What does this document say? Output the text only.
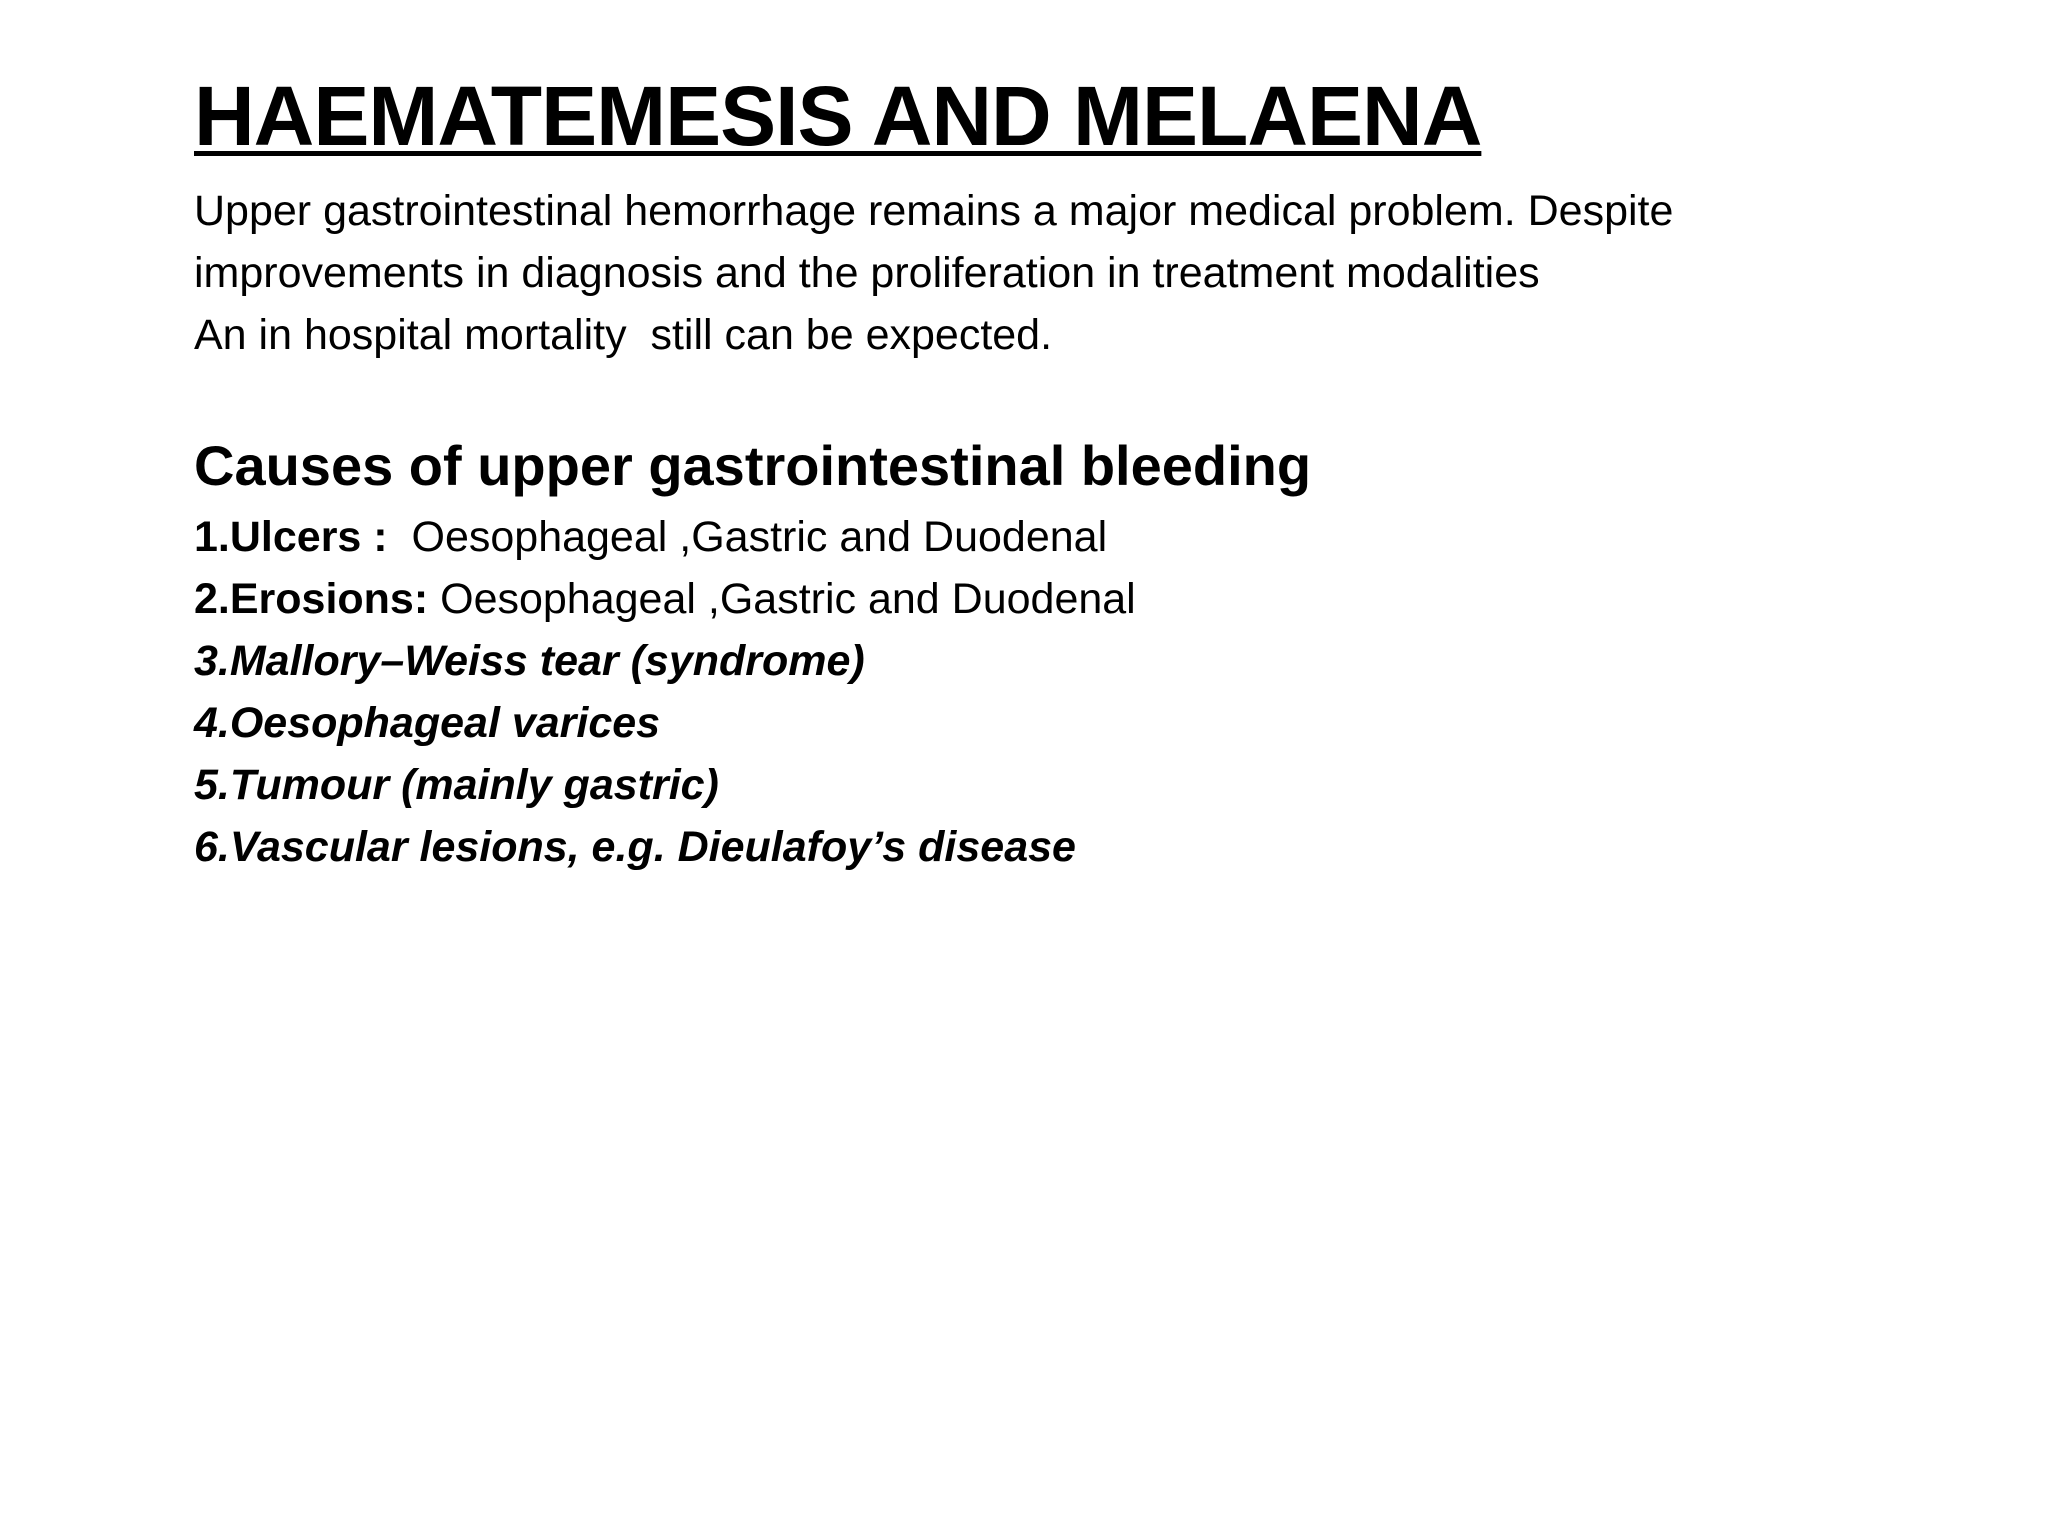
HAEMATEMESIS AND MELAENA

Upper gastrointestinal hemorrhage remains a major medical problem. Despite
improvements in diagnosis and the proliferation in treatment modalities
An in hospital mortality  still can be expected.

Causes of upper gastrointestinal bleeding
1.Ulcers :  Oesophageal ,Gastric and Duodenal
2.Erosions: Oesophageal ,Gastric and Duodenal
3.Mallory–Weiss tear (syndrome)
4.Oesophageal varices
5.Tumour (mainly gastric)
6.Vascular lesions, e.g. Dieulafoy’s disease
